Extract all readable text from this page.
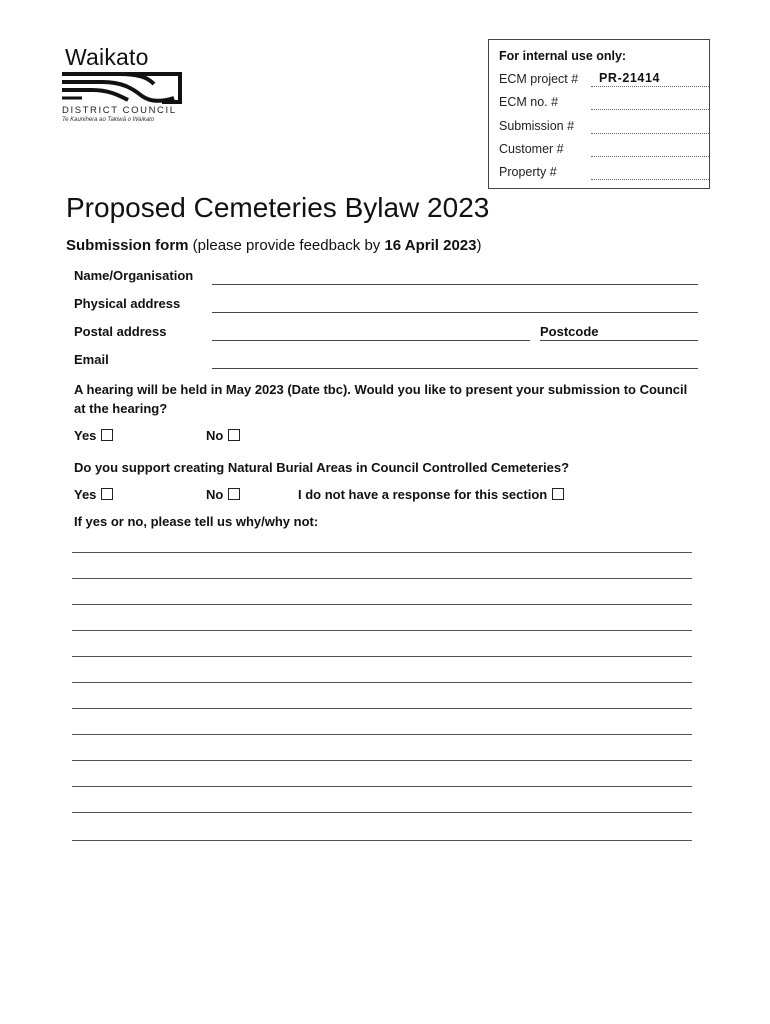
Waikato
DISTRICT COUNCIL
Te Kaunihera ao Takiwā o Waikato
For internal use only:
ECM project # PR-21414
ECM no. #
Submission #
Customer #
Property #
Proposed Cemeteries Bylaw 2023
Submission form (please provide feedback by 16 April 2023)
Name/Organisation
Physical address
Postal address	Postcode
Email
A hearing will be held in May 2023 (Date tbc). Would you like to present your submission to Council at the hearing?
Yes	No
Do you support creating Natural Burial Areas in Council Controlled Cemeteries?
Yes	No	I do not have a response for this section
If yes or no, please tell us why/why not:
